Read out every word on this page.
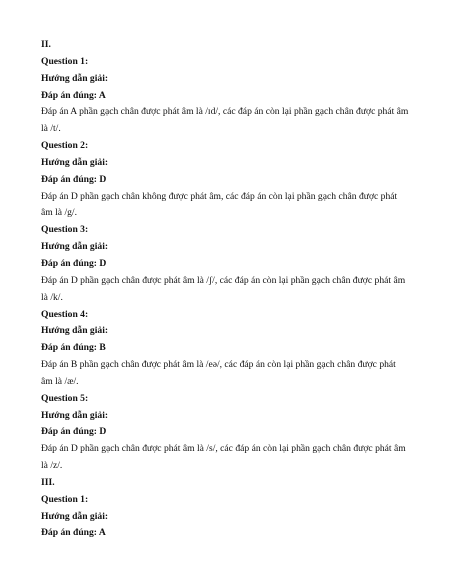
II.
Question 1:
Hướng dẫn giải:
Đáp án đúng: A
Đáp án A phần gạch chân được phát âm là /ɪd/, các đáp án còn lại phần gạch chân được phát âm
là /t/.
Question 2:
Hướng dẫn giải:
Đáp án đúng: D
Đáp án D phần gạch chân không được phát âm, các đáp án còn lại phần gạch chân được phát
âm là /g/.
Question 3:
Hướng dẫn giải:
Đáp án đúng: D
Đáp án D phần gạch chân được phát âm là /ʃ/, các đáp án còn lại phần gạch chân được phát âm
là /k/.
Question 4:
Hướng dẫn giải:
Đáp án đúng: B
Đáp án B phần gạch chân được phát âm là /eə/, các đáp án còn lại phần gạch chân được phát
âm là /æ/.
Question 5:
Hướng dẫn giải:
Đáp án đúng: D
Đáp án D phần gạch chân được phát âm là /s/, các đáp án còn lại phần gạch chân được phát âm
là /z/.
III.
Question 1:
Hướng dẫn giải:
Đáp án đúng: A
